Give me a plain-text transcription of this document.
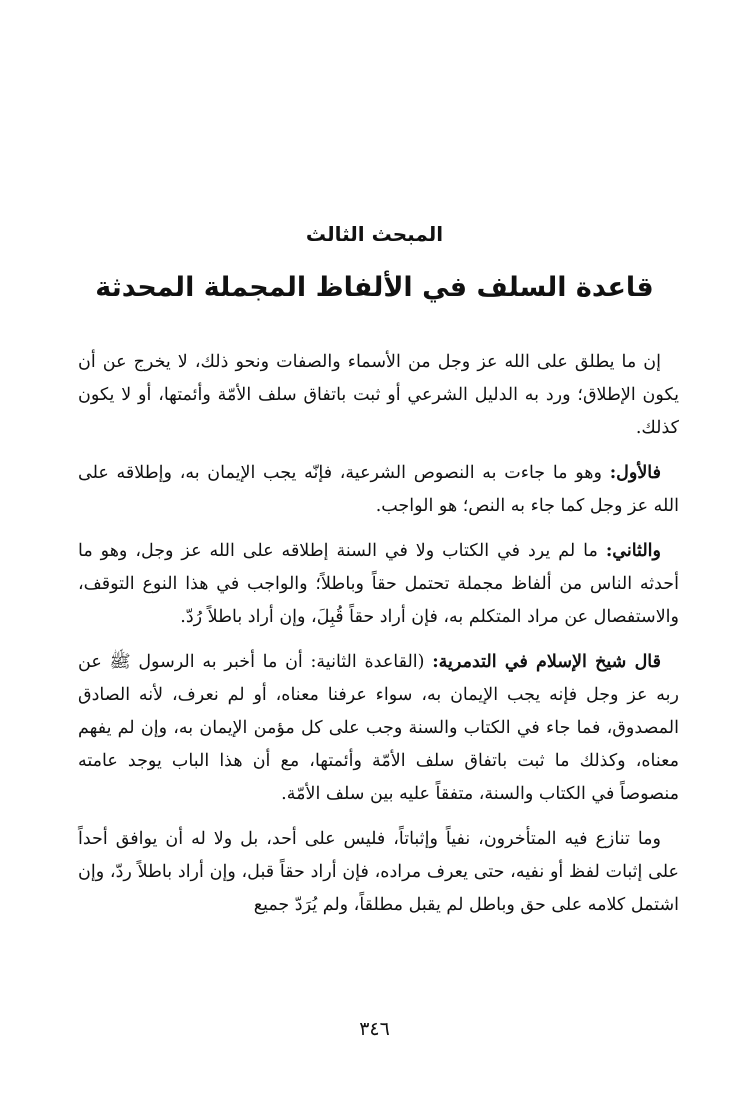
المبحث الثالث
قاعدة السلف في الألفاظ المجملة المحدثة

إن ما يطلق على الله عز وجل من الأسماء والصفات ونحو ذلك، لا يخرج عن أن يكون الإطلاق؛ ورد به الدليل الشرعي أو ثبت باتفاق سلف الأمّة وأئمتها، أو لا يكون كذلك.

فالأول: وهو ما جاءت به النصوص الشرعية، فإنّه يجب الإيمان به، وإطلاقه على الله عز وجل كما جاء به النص؛ هو الواجب.

والثاني: ما لم يرد في الكتاب ولا في السنة إطلاقه على الله عز وجل، وهو ما أحدثه الناس من ألفاظ مجملة تحتمل حقاً وباطلاً؛ والواجب في هذا النوع التوقف، والاستفصال عن مراد المتكلم به، فإن أراد حقاً قُبِلَ، وإن أراد باطلاً رُدّ.

قال شيخ الإسلام في التدمرية: (القاعدة الثانية: أن ما أخبر به الرسول ﷺ عن ربه عز وجل فإنه يجب الإيمان به، سواء عرفنا معناه، أو لم نعرف، لأنه الصادق المصدوق، فما جاء في الكتاب والسنة وجب على كل مؤمن الإيمان به، وإن لم يفهم معناه، وكذلك ما ثبت باتفاق سلف الأمّة وأئمتها، مع أن هذا الباب يوجد عامته منصوصاً في الكتاب والسنة، متفقاً عليه بين سلف الأمّة.

وما تنازع فيه المتأخرون، نفياً وإثباتاً، فليس على أحد، بل ولا له أن يوافق أحداً على إثبات لفظ أو نفيه، حتى يعرف مراده، فإن أراد حقاً قبل، وإن أراد باطلاً ردّ، وإن اشتمل كلامه على حق وباطل لم يقبل مطلقاً، ولم يُرَدّ جميع

٣٤٦
